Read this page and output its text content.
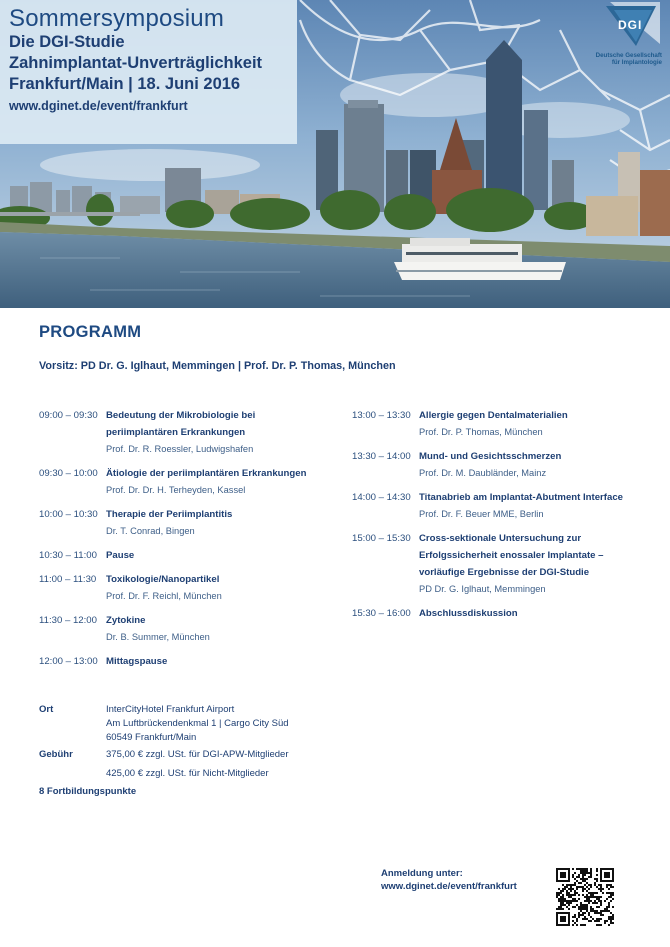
Sommersymposium
Die DGI-Studie
Zahnimplantat-Unverträglichkeit
Frankfurt/Main | 18. Juni 2016
www.dginet.de/event/frankfurt
DGI
Deutsche Gesellschaft
für Implantologie
PROGRAMM
Vorsitz: PD Dr. G. Iglhaut, Memmingen | Prof. Dr. P. Thomas, München
09:00 – 09:30 Bedeutung der Mikrobiologie bei
periimplantären Erkrankungen
Prof. Dr. R. Roessler, Ludwigshafen
09:30 – 10:00 Ätiologie der periimplantären Erkrankungen
Prof. Dr. Dr. H. Terheyden, Kassel
10:00 – 10:30 Therapie der Periimplantitis
Dr. T. Conrad, Bingen
10:30 – 11:00 Pause
11:00 – 11:30	Toxikologie/Nanopartikel
Prof. Dr. F. Reichl, München
11:30 – 12:00 Zytokine
Dr. B. Summer, München
12:00 – 13:00 Mittagspause
13:00 – 13:30 Allergie gegen Dentalmaterialien
Prof. Dr. P. Thomas, München
13:30 – 14:00 Mund- und Gesichtsschmerzen
Prof. Dr. M. Daubländer, Mainz
14:00 – 14:30 Titanabrieb am Implantat-Abutment Interface
Prof. Dr. F. Beuer MME, Berlin
15:00 – 15:30 Cross-sektionale Untersuchung zur
Erfolgssicherheit enossaler Implantate –
vorläufige Ergebnisse der DGI-Studie
PD Dr. G. Iglhaut, Memmingen
15:30 – 16:00 Abschlussdiskussion
Ort	InterCityHotel Frankfurt Airport
Am Luftbrückendenkmal 1 | Cargo City Süd
60549 Frankfurt/Main
Gebühr	375,00 € zzgl. USt. für DGI-APW-Mitglieder
425,00 € zzgl. USt. für Nicht-Mitglieder
8 Fortbildungspunkte
Anmeldung unter:
www.dginet.de/event/frankfurt
